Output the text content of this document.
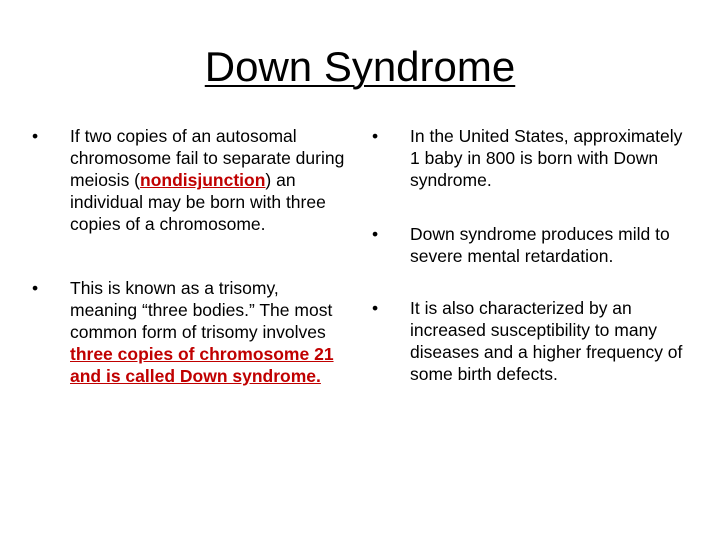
Down Syndrome
• If two copies of an autosomal chromosome fail to separate during meiosis (nondisjunction) an individual may be born with three copies of a chromosome.
• This is known as a trisomy, meaning “three bodies.” The most common form of trisomy involves three copies of chromosome 21 and is called Down syndrome.
• In the United States, approximately 1 baby in 800 is born with Down syndrome.
• Down syndrome produces mild to severe mental retardation.
• It is also characterized by an increased susceptibility to many diseases and a higher frequency of some birth defects.
